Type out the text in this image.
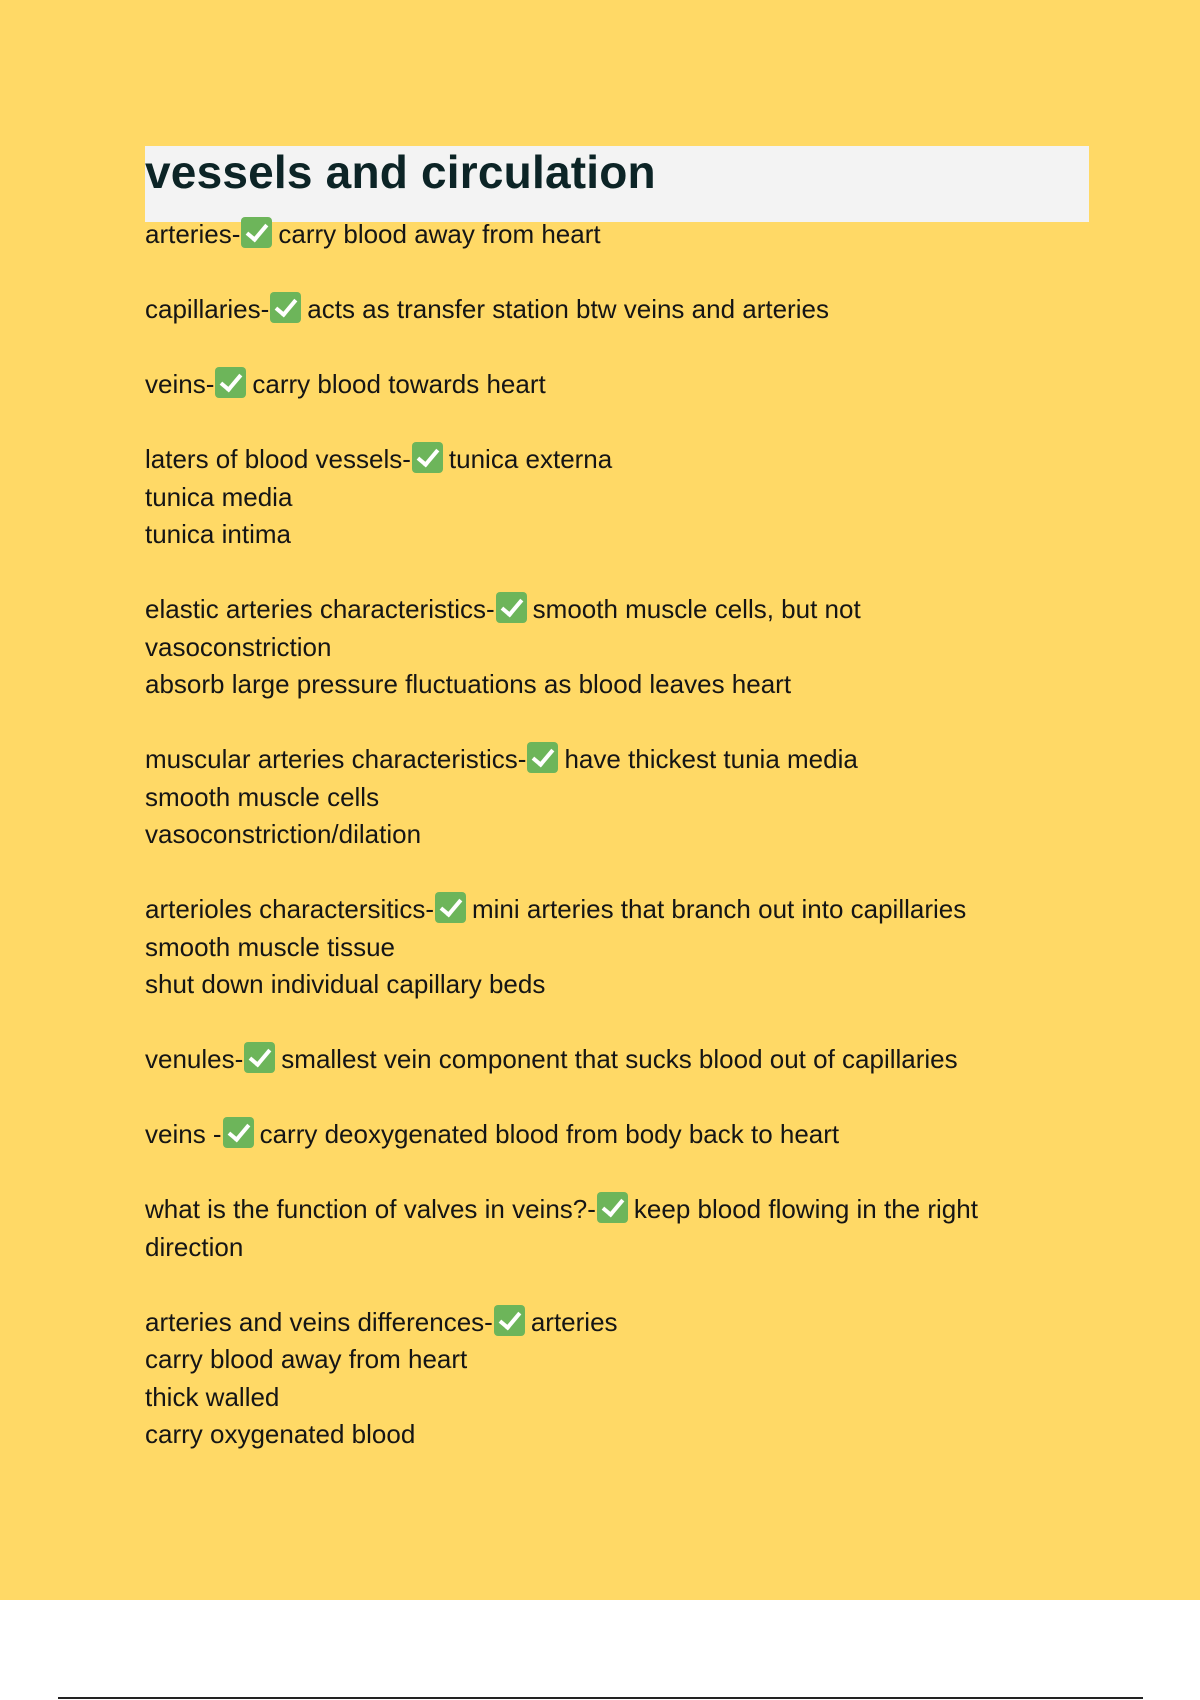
vessels and circulation
arteries- carry blood away from heart
capillaries- acts as transfer station btw veins and arteries
veins- carry blood towards heart
laters of blood vessels- tunica externa
tunica media
tunica intima
elastic arteries characteristics- smooth muscle cells, but not
vasoconstriction
absorb large pressure fluctuations as blood leaves heart
muscular arteries characteristics- have thickest tunia media
smooth muscle cells
vasoconstriction/dilation
arterioles charactersitics- mini arteries that branch out into capillaries
smooth muscle tissue
shut down individual capillary beds
venules- smallest vein component that sucks blood out of capillaries
veins - carry deoxygenated blood from body back to heart
what is the function of valves in veins?- keep blood flowing in the right
direction
arteries and veins differences- arteries
carry blood away from heart
thick walled
carry oxygenated blood
